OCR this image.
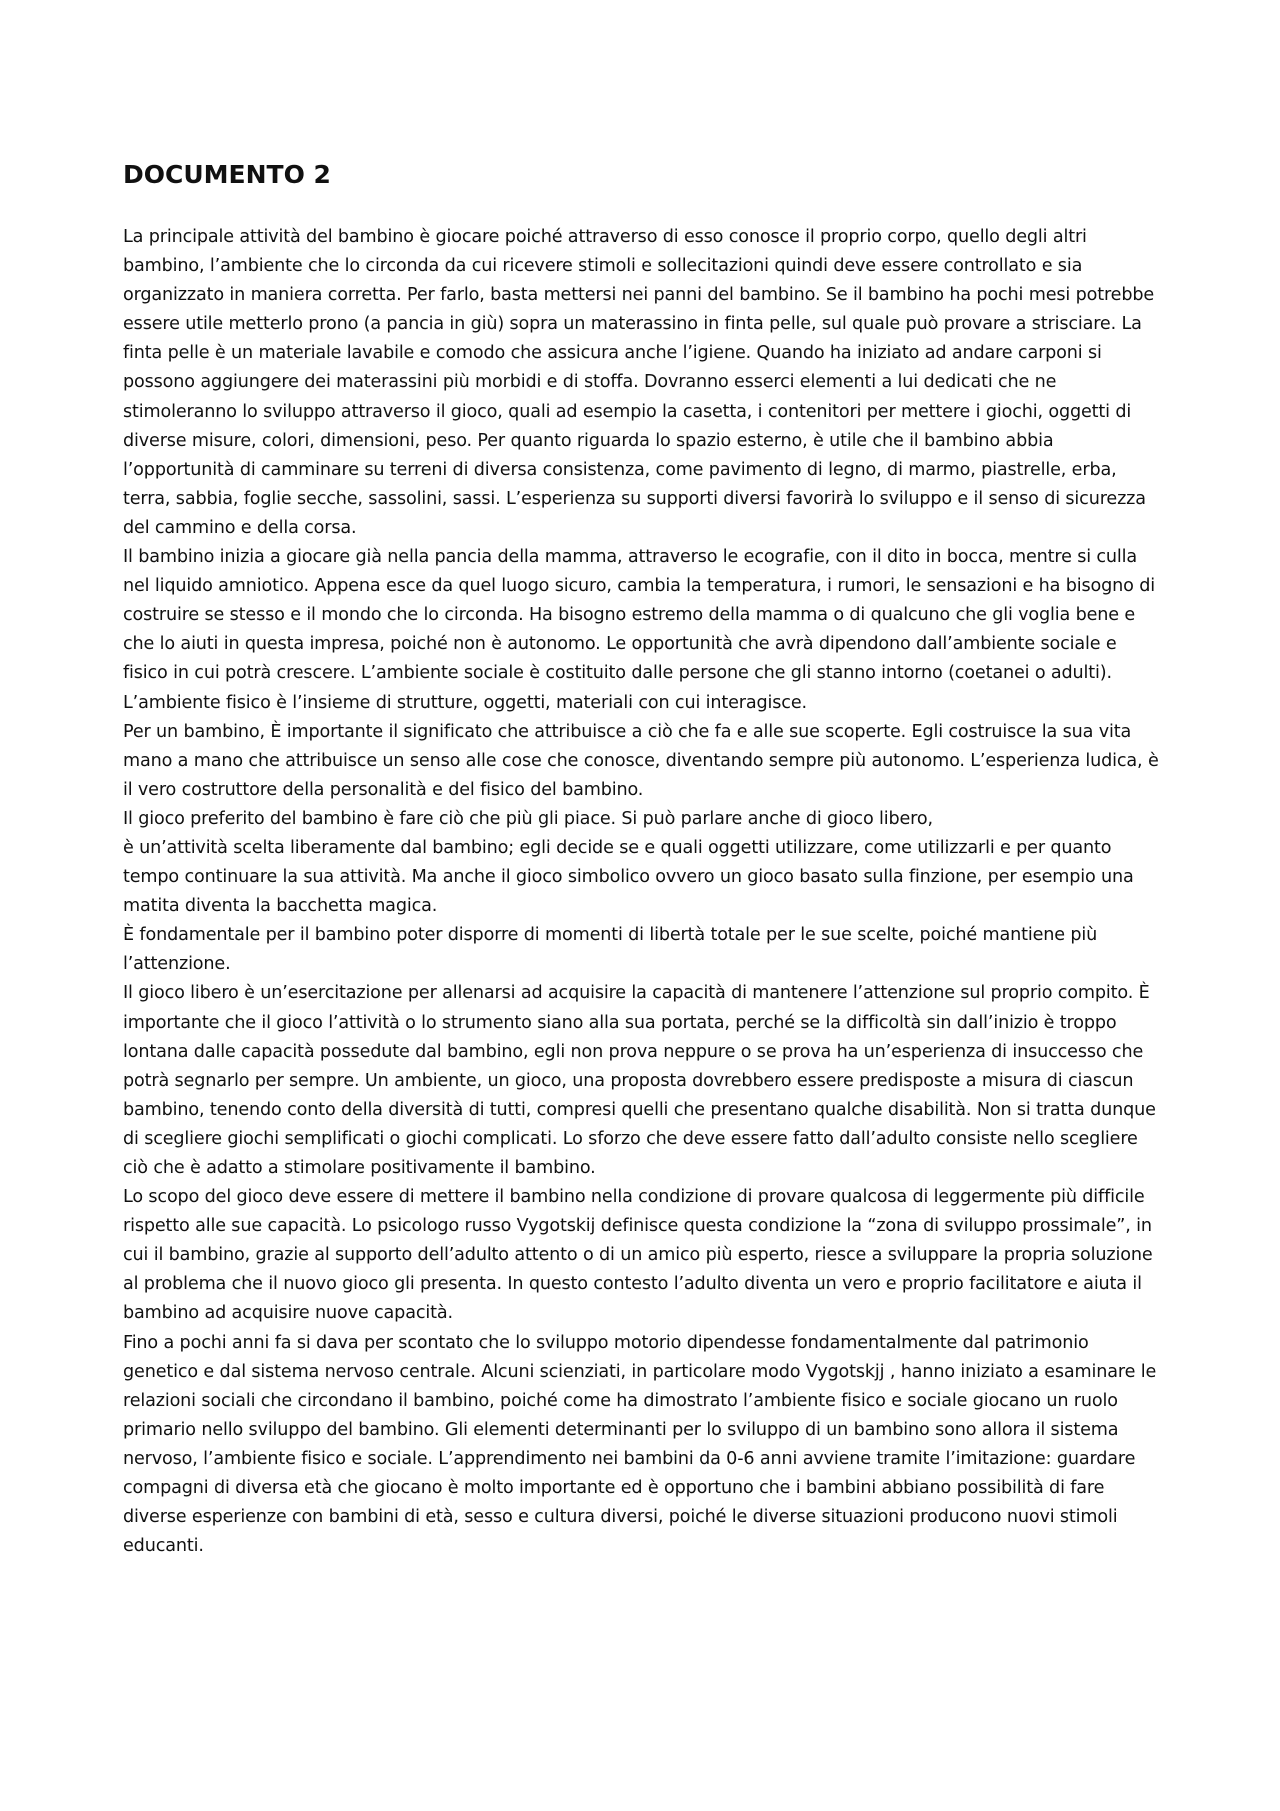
DOCUMENTO 2

La principale attività del bambino è giocare poiché attraverso di esso conosce il proprio corpo, quello degli altri bambino, l’ambiente che lo circonda da cui ricevere stimoli e sollecitazioni quindi deve essere controllato e sia organizzato in maniera corretta. Per farlo, basta mettersi nei panni del bambino. Se il bambino ha pochi mesi potrebbe essere utile metterlo prono (a pancia in giù) sopra un materassino in finta pelle, sul quale può provare a strisciare. La finta pelle è un materiale lavabile e comodo che assicura anche l’igiene. Quando ha iniziato ad andare carponi si possono aggiungere dei materassini più morbidi e di stoffa. Dovranno esserci elementi a lui dedicati che ne stimoleranno lo sviluppo attraverso il gioco, quali ad esempio la casetta, i contenitori per mettere i giochi, oggetti di diverse misure, colori, dimensioni, peso. Per quanto riguarda lo spazio esterno, è utile che il bambino abbia l’opportunità di camminare su terreni di diversa consistenza, come pavimento di legno, di marmo, piastrelle, erba, terra, sabbia, foglie secche, sassolini, sassi. L’esperienza su supporti diversi favorirà lo sviluppo e il senso di sicurezza del cammino e della corsa.

Il bambino inizia a giocare già nella pancia della mamma, attraverso le ecografie, con il dito in bocca, mentre si culla nel liquido amniotico. Appena esce da quel luogo sicuro, cambia la temperatura, i rumori, le sensazioni e ha bisogno di costruire se stesso e il mondo che lo circonda. Ha bisogno estremo della mamma o di qualcuno che gli voglia bene e che lo aiuti in questa impresa, poiché non è autonomo. Le opportunità che avrà dipendono dall’ambiente sociale e fisico in cui potrà crescere. L’ambiente sociale è costituito dalle persone che gli stanno intorno (coetanei o adulti). L’ambiente fisico è l’insieme di strutture, oggetti, materiali con cui interagisce.

Per un bambino, È importante il significato che attribuisce a ciò che fa e alle sue scoperte. Egli costruisce la sua vita mano a mano che attribuisce un senso alle cose che conosce, diventando sempre più autonomo. L’esperienza ludica, è il vero costruttore della personalità e del fisico del bambino.

Il gioco preferito del bambino è fare ciò che più gli piace. Si può parlare anche di gioco libero,

è un’attività scelta liberamente dal bambino; egli decide se e quali oggetti utilizzare, come utilizzarli e per quanto tempo continuare la sua attività. Ma anche il gioco simbolico ovvero un gioco basato sulla finzione, per esempio una matita diventa la bacchetta magica.

È fondamentale per il bambino poter disporre di momenti di libertà totale per le sue scelte, poiché mantiene più l’attenzione.

Il gioco libero è un’esercitazione per allenarsi ad acquisire la capacità di mantenere l’attenzione sul proprio compito. È importante che il gioco l’attività o lo strumento siano alla sua portata, perché se la difficoltà sin dall’inizio è troppo lontana dalle capacità possedute dal bambino, egli non prova neppure o se prova ha un’esperienza di insuccesso che potrà segnarlo per sempre. Un ambiente, un gioco, una proposta dovrebbero essere predisposte a misura di ciascun bambino, tenendo conto della diversità di tutti, compresi quelli che presentano qualche disabilità. Non si tratta dunque di scegliere giochi semplificati o giochi complicati. Lo sforzo che deve essere fatto dall’adulto consiste nello scegliere ciò che è adatto a stimolare positivamente il bambino.

Lo scopo del gioco deve essere di mettere il bambino nella condizione di provare qualcosa di leggermente più difficile rispetto alle sue capacità. Lo psicologo russo Vygotskij definisce questa condizione la “zona di sviluppo prossimale”, in cui il bambino, grazie al supporto dell’adulto attento o di un amico più esperto, riesce a sviluppare la propria soluzione al problema che il nuovo gioco gli presenta. In questo contesto l’adulto diventa un vero e proprio facilitatore e aiuta il bambino ad acquisire nuove capacità.

Fino a pochi anni fa si dava per scontato che lo sviluppo motorio dipendesse fondamentalmente dal patrimonio genetico e dal sistema nervoso centrale. Alcuni scienziati, in particolare modo Vygotskjj , hanno iniziato a esaminare le relazioni sociali che circondano il bambino, poiché come ha dimostrato l’ambiente fisico e sociale giocano un ruolo primario nello sviluppo del bambino. Gli elementi determinanti per lo sviluppo di un bambino sono allora il sistema nervoso, l’ambiente fisico e sociale. L’apprendimento nei bambini da 0-6 anni avviene tramite l’imitazione: guardare compagni di diversa età che giocano è molto importante ed è opportuno che i bambini abbiano possibilità di fare diverse esperienze con bambini di età, sesso e cultura diversi, poiché le diverse situazioni producono nuovi stimoli educanti.
